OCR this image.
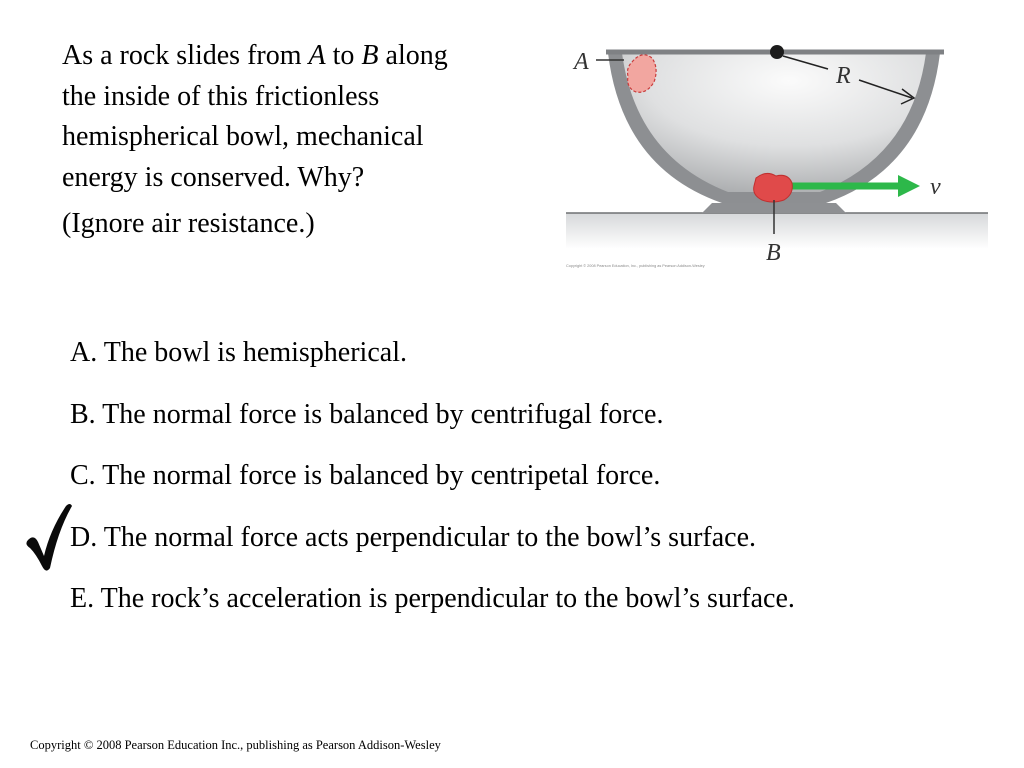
As a rock slides from A to B along

the inside of this frictionless

hemispherical bowl, mechanical

energy is conserved. Why?

(Ignore air resistance.)

A
R
v
B
Copyright © 2008 Pearson Education, Inc., publishing as Pearson Addison-Wesley
A. The bowl is hemispherical.
B. The normal force is balanced by centrifugal force.
C. The normal force is balanced by centripetal force.
D. The normal force acts perpendicular to the bowl’s surface.
E. The rock’s acceleration is perpendicular to the bowl’s surface.
Copyright © 2008 Pearson Education Inc., publishing as Pearson Addison-Wesley
